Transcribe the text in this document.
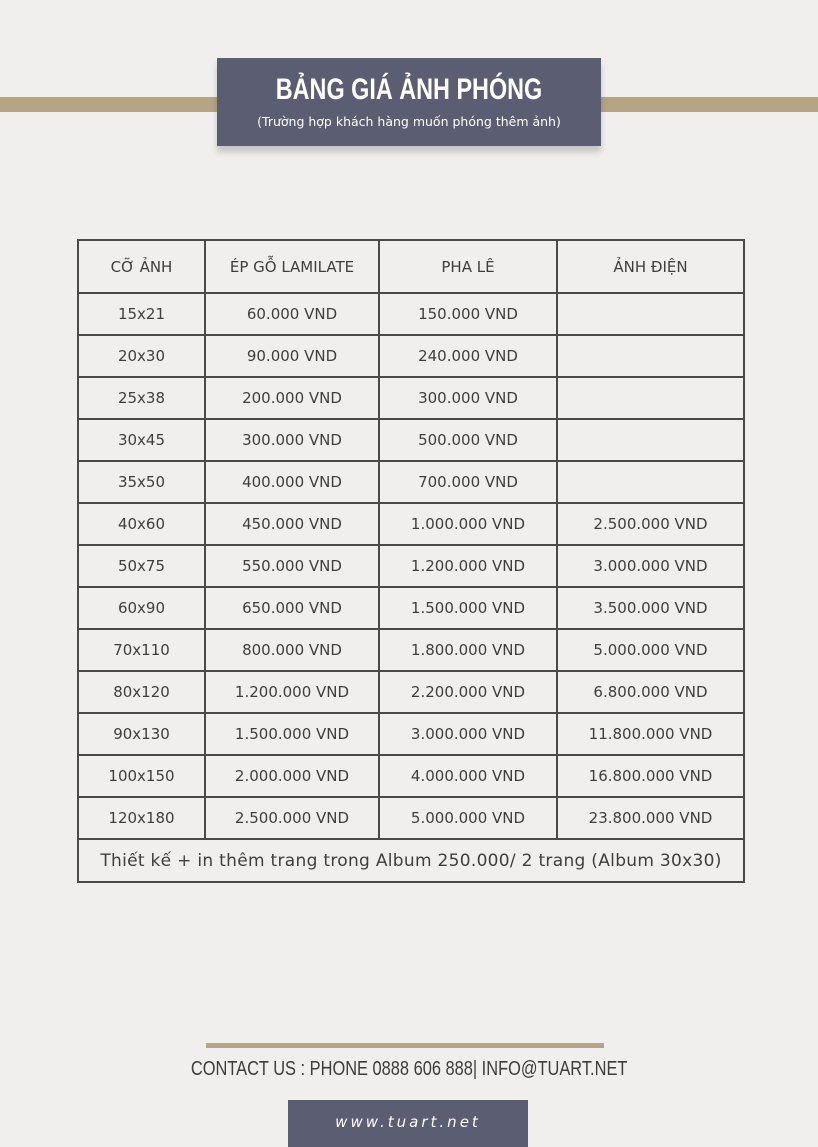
BẢNG GIÁ ẢNH PHÓNG
(Trường hợp khách hàng muốn phóng thêm ảnh)
CỠ ẢNH	ÉP GỖ LAMILATE	PHA LÊ	ẢNH ĐIỆN
15x21	60.000 VND	150.000 VND	
20x30	90.000 VND	240.000 VND	
25x38	200.000 VND	300.000 VND	
30x45	300.000 VND	500.000 VND	
35x50	400.000 VND	700.000 VND	
40x60	450.000 VND	1.000.000 VND	2.500.000 VND
50x75	550.000 VND	1.200.000 VND	3.000.000 VND
60x90	650.000 VND	1.500.000 VND	3.500.000 VND
70x110	800.000 VND	1.800.000 VND	5.000.000 VND
80x120	1.200.000 VND	2.200.000 VND	6.800.000 VND
90x130	1.500.000 VND	3.000.000 VND	11.800.000 VND
100x150	2.000.000 VND	4.000.000 VND	16.800.000 VND
120x180	2.500.000 VND	5.000.000 VND	23.800.000 VND
Thiết kế + in thêm trang trong Album 250.000/ 2 trang (Album 30x30)			
CONTACT US : PHONE 0888 606 888| INFO@TUART.NET
www.tuart.net
